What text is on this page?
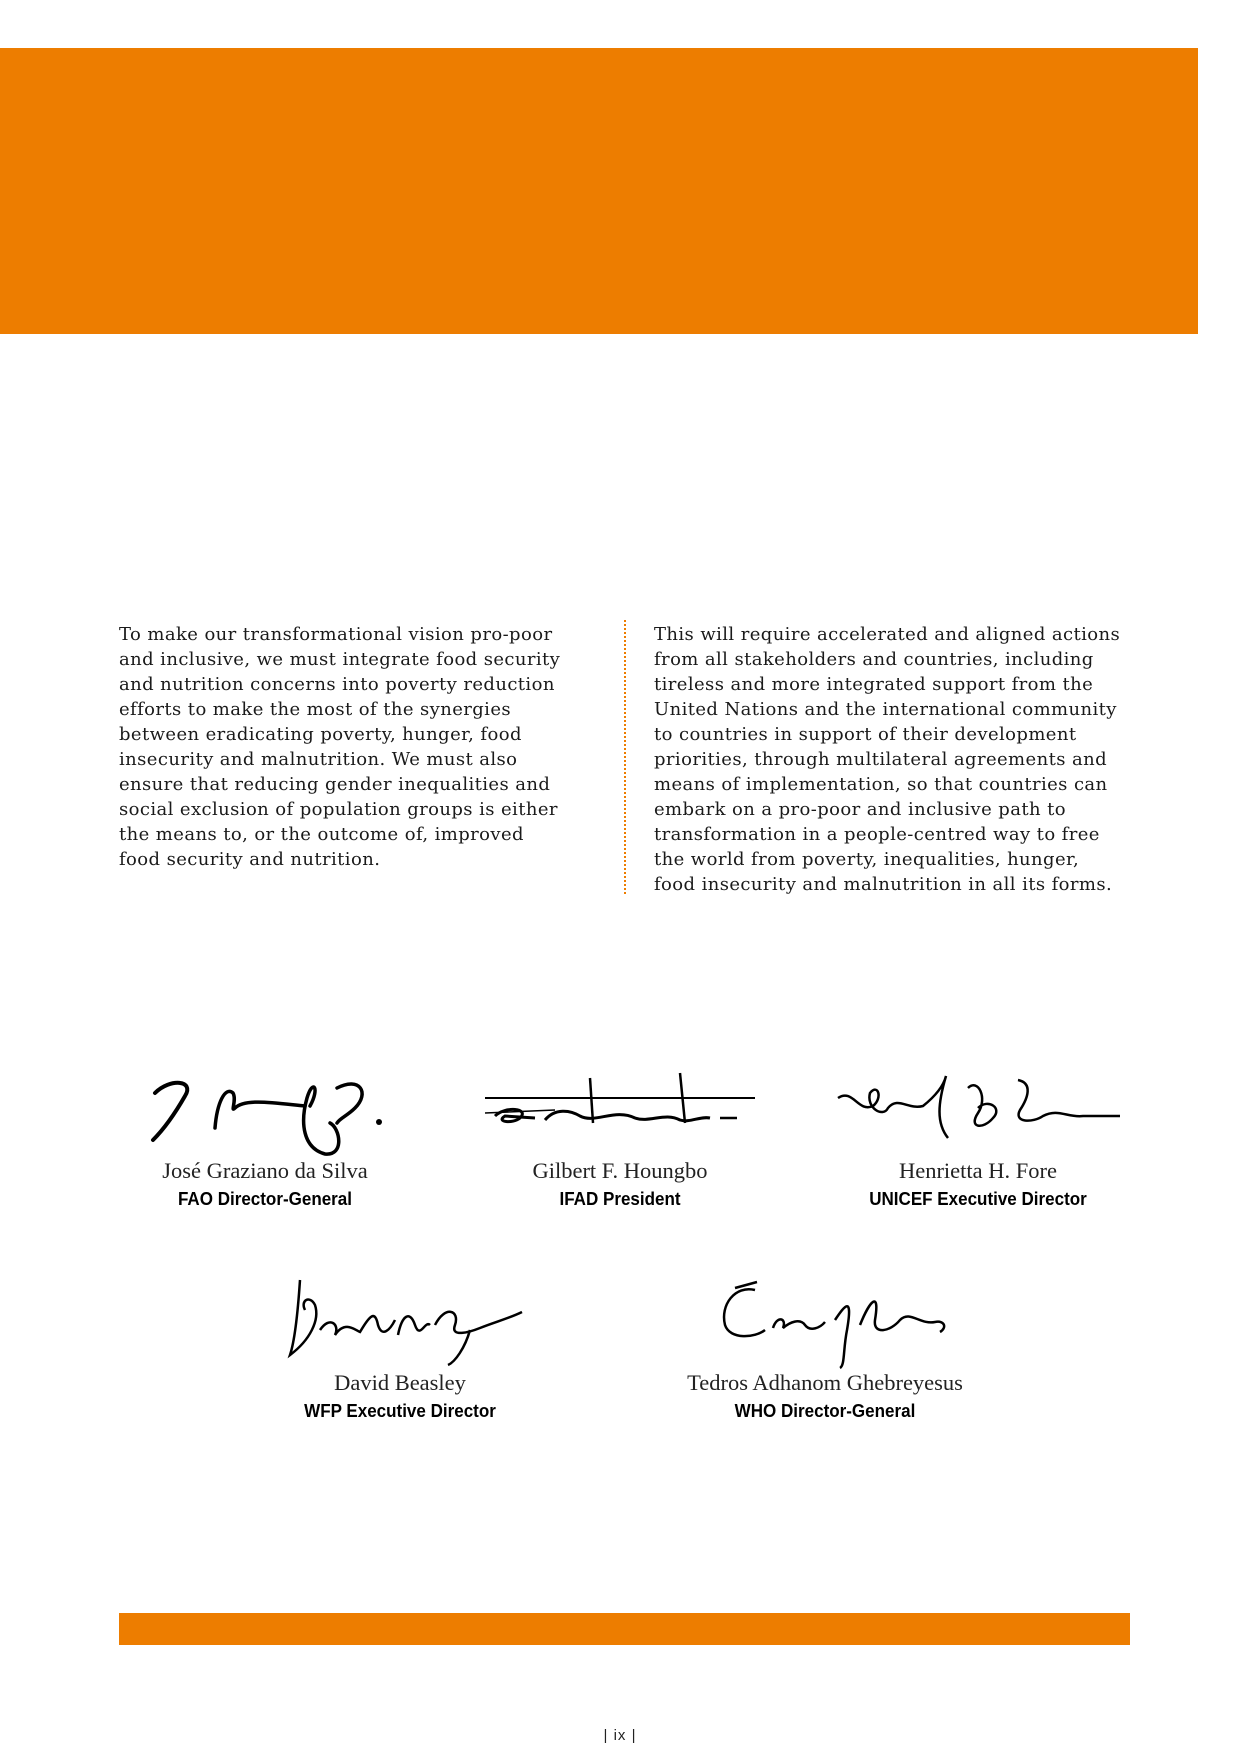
To make our transformational vision pro-poor
and inclusive, we must integrate food security
and nutrition concerns into poverty reduction
efforts to make the most of the synergies
between eradicating poverty, hunger, food
insecurity and malnutrition. We must also
ensure that reducing gender inequalities and
social exclusion of population groups is either
the means to, or the outcome of, improved
food security and nutrition.
This will require accelerated and aligned actions
from all stakeholders and countries, including
tireless and more integrated support from the
United Nations and the international community
to countries in support of their development
priorities, through multilateral agreements and
means of implementation, so that countries can
embark on a pro-poor and inclusive path to
transformation in a people-centred way to free
the world from poverty, inequalities, hunger,
food insecurity and malnutrition in all its forms.
José Graziano da Silva
FAO Director-General
Gilbert F. Houngbo
IFAD President
Henrietta H. Fore
UNICEF Executive Director
David Beasley
WFP Executive Director
Tedros Adhanom Ghebreyesus
WHO Director-General
| ix |
